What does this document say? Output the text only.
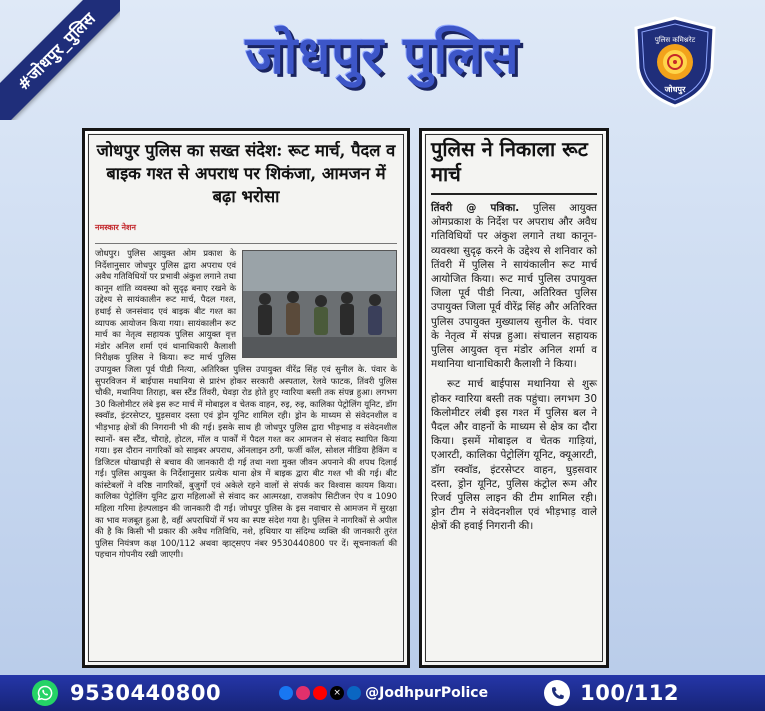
#जोधपुर_पुलिस	जोधपुर पुलिस	पुलिस कमिश्नरेट
जोधपुर
जोधपुर पुलिस का सख्त संदेश: रूट मार्च, पैदल व बाइक गश्त से अपराध पर शिकंजा, आमजन में बढ़ा भरोसा
नमस्कार नेशन
जोधपुर। पुलिस आयुक्त ओम प्रकाश के निर्देशानुसार जोधपुर पुलिस द्वारा अपराध एवं अवैध गतिविधियों पर प्रभावी अंकुश लगाने तथा कानून शांति व्यवस्था को सुदृढ़ बनाए रखने के उद्देश्य से सायंकालीन रूट मार्च, पैदल गश्त, हथाई से जनसंवाद एवं बाइक बीट गश्त का व्यापक आयोजन किया गया। सायंकालीन रूट मार्च का नेतृत्व सहायक पुलिस आयुक्त वृत्त मंडोर अनिल शर्मा एवं थानाधिकारी कैलाशी निरीक्षक पुलिस ने किया। रूट मार्च पुलिस उपायुक्त जिला पूर्व पीडी नित्या, अतिरिक्त पुलिस उपायुक्त वीरेंद्र सिंह एवं सुनील के. पंवार के सुपरविजन में बाईपास मथानिया से प्रारंभ होकर सरकारी अस्पताल, रेलवे फाटक, तिंवरी पुलिस चौकी, मथानिया तिराहा, बस स्टैंड तिंवरी, घेवड़ा रोड होते हुए ग्वारिया बस्ती तक संपन्न हुआ। लगभग 30 किलोमीटर लंबे इस रूट मार्च में मोबाइल व चेतक वाहन, रुइ, रुइ, कालिका पेट्रोलिंग यूनिट, डॉग स्क्वॉड, इंटरसेप्टर, घुड़सवार दस्ता एवं ड्रोन यूनिट शामिल रही। ड्रोन के माध्यम से संवेदनशील व भीड़भाड़ क्षेत्रों की निगरानी भी की गई। इसके साथ ही जोधपुर पुलिस द्वारा भीड़भाड़ व संवेदनशील स्थानों- बस स्टैंड, चौराहे, होटल, मॉल व पार्कों में पैदल गश्त कर आमजन से संवाद स्थापित किया गया। इस दौरान नागरिकों को साइबर अपराध, ऑनलाइन ठगी, फर्जी कॉल, सोशल मीडिया हैकिंग व डिजिटल धोखाधड़ी से बचाव की जानकारी दी गई तथा नशा मुक्त जीवन अपनाने की शपथ दिलाई गई। पुलिस आयुक्त के निर्देशानुसार प्रत्येक थाना क्षेत्र में बाइक द्वारा बीट गश्त भी की गई। बीट कांस्टेबलों ने वरिष्ठ नागरिकों, बुजुर्गों एवं अकेले रहने वालों से संपर्क कर विश्वास कायम किया। कालिका पेट्रोलिंग यूनिट द्वारा महिलाओं से संवाद कर आत्मरक्षा, राजकोप सिटीजन ऐप व 1090 महिला गरिमा हेल्पलाइन की जानकारी दी गई। जोधपुर पुलिस के इस नवाचार से आमजन में सुरक्षा का भाव मजबूत हुआ है, वहीं अपराधियों में भय का स्पष्ट संदेश गया है। पुलिस ने नागरिकों से अपील की है कि किसी भी प्रकार की अवैध गतिविधि, नशे, हथियार या संदिग्ध व्यक्ति की जानकारी तुरंत पुलिस नियंत्रण कक्ष 100/112 अथवा व्हाट्सएप नंबर 9530440800 पर दें। सूचनाकर्ता की पहचान गोपनीय रखी जाएगी।
पुलिस ने निकाला रूट मार्च
तिंवरी @ पत्रिका. पुलिस आयुक्त ओमप्रकाश के निर्देश पर अपराध और अवैध गतिविधियों पर अंकुश लगाने तथा कानून-व्यवस्था सुदृढ़ करने के उद्देश्य से शनिवार को तिंवरी में पुलिस ने सायंकालीन रूट मार्च आयोजित किया। रूट मार्च पुलिस उपायुक्त जिला पूर्व पीडी नित्या, अतिरिक्त पुलिस उपायुक्त जिला पूर्व वीरेंद्र सिंह और अतिरिक्त पुलिस उपायुक्त मुख्यालय सुनील के. पंवार के नेतृत्व में संपन्न हुआ। संचालन सहायक पुलिस आयुक्त वृत्त मंडोर अनिल शर्मा व मथानिया थानाधिकारी कैलाशी ने किया।
रूट मार्च बाईपास मथानिया से शुरू होकर ग्वारिया बस्ती तक पहुंचा। लगभग 30 किलोमीटर लंबी इस गश्त में पुलिस बल ने पैदल और वाहनों के माध्यम से क्षेत्र का दौरा किया। इसमें मोबाइल व चेतक गाड़ियां, एआरटी, कालिका पेट्रोलिंग यूनिट, क्यूआरटी, डॉग स्क्वॉड, इंटरसेप्टर वाहन, घुड़सवार दस्ता, ड्रोन यूनिट, पुलिस कंट्रोल रूम और रिजर्व पुलिस लाइन की टीम शामिल रही। ड्रोन टीम ने संवेदनशील एवं भीड़भाड़ वाले क्षेत्रों की हवाई निगरानी की।
9530440800	× @JodhpurPolice	100/112
